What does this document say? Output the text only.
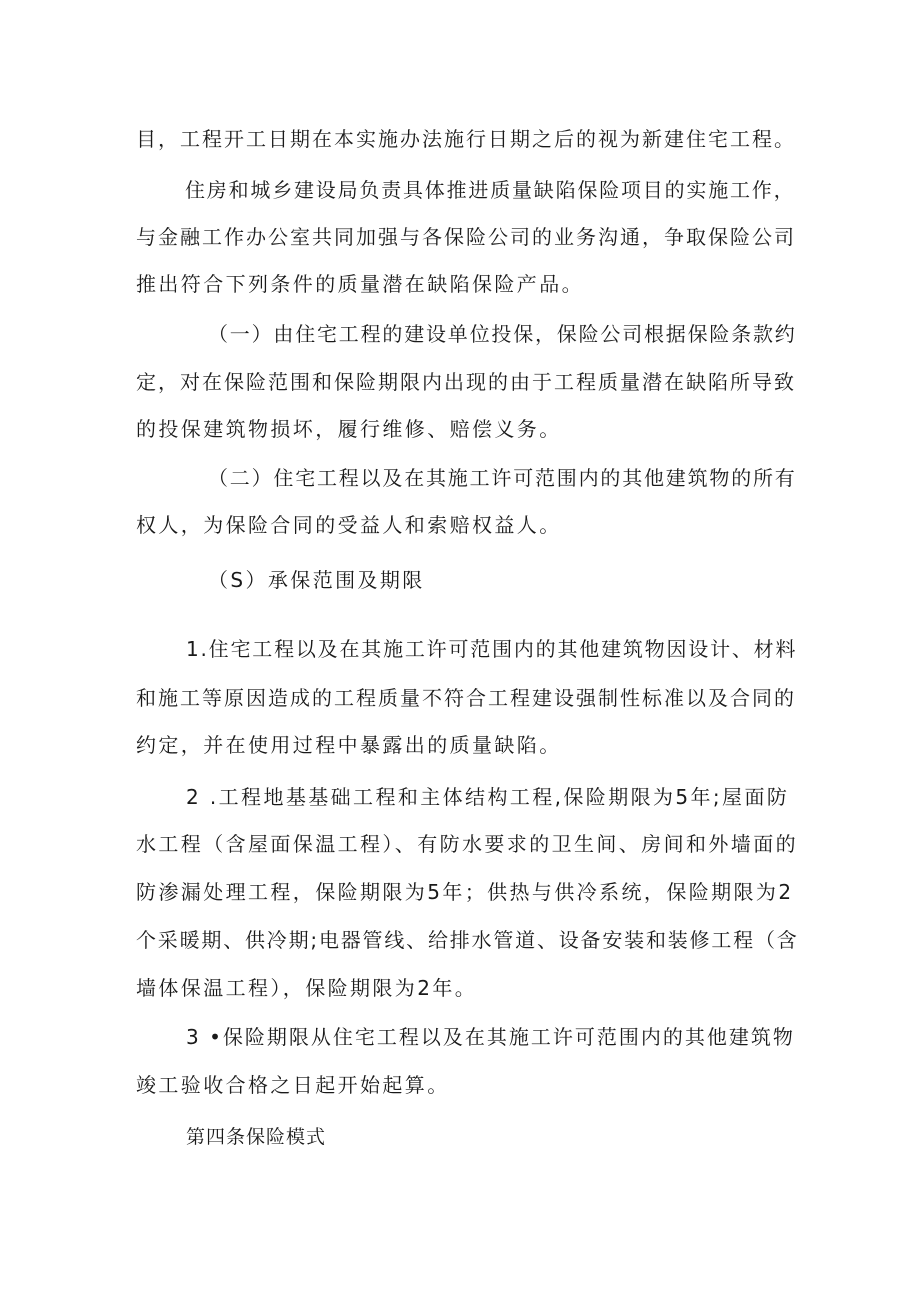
目，工程开工日期在本实施办法施行日期之后的视为新建住宅工程。
住房和城乡建设局负责具体推进质量缺陷保险项目的实施工作，
与金融工作办公室共同加强与各保险公司的业务沟通，争取保险公司
推出符合下列条件的质量潜在缺陷保险产品。
（一）由住宅工程的建设单位投保，保险公司根据保险条款约
定，对在保险范围和保险期限内出现的由于工程质量潜在缺陷所导致
的投保建筑物损坏，履行维修、赔偿义务。
（二）住宅工程以及在其施工许可范围内的其他建筑物的所有
权人，为保险合同的受益人和索赔权益人。
（S）承保范围及期限
1.住宅工程以及在其施工许可范围内的其他建筑物因设计、材料
和施工等原因造成的工程质量不符合工程建设强制性标准以及合同的
约定，并在使用过程中暴露出的质量缺陷。
2 .工程地基基础工程和主体结构工程,保险期限为5年;屋面防
水工程（含屋面保温工程）、有防水要求的卫生间、房间和外墙面的
防渗漏处理工程，保险期限为5年；供热与供冷系统，保险期限为2
个采暖期、供冷期;电器管线、给排水管道、设备安装和装修工程（含
墙体保温工程），保险期限为2年。
3 •保险期限从住宅工程以及在其施工许可范围内的其他建筑物
竣工验收合格之日起开始起算。
第四条保险模式
